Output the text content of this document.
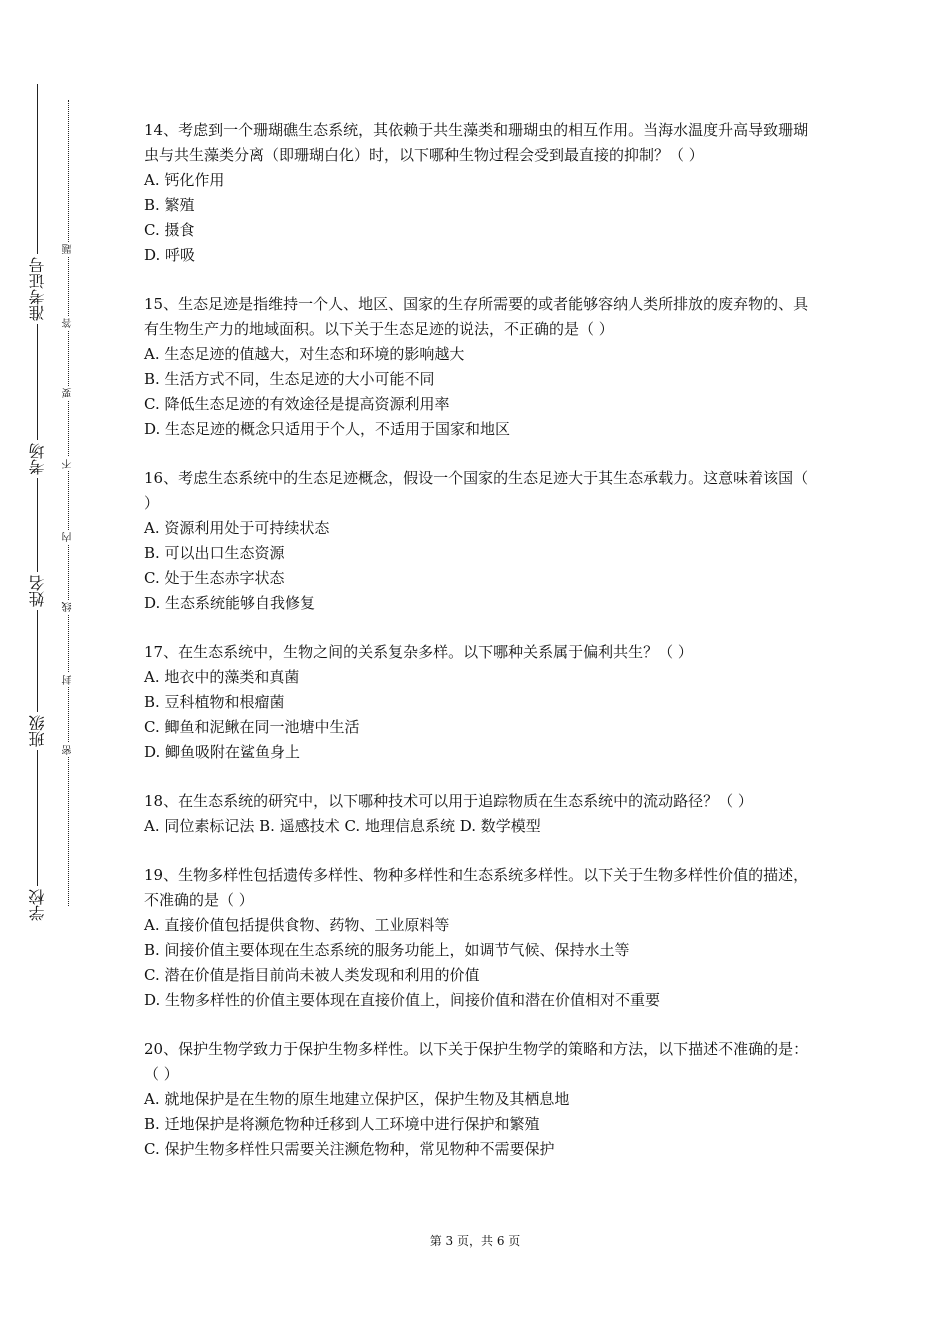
准考证号
考场
姓名
班级
学校
题
答
要
不
内
线
封
密
14、考虑到一个珊瑚礁生态系统，其依赖于共生藻类和珊瑚虫的相互作用。当海水温度升高导致珊瑚虫与共生藻类分离（即珊瑚白化）时，以下哪种生物过程会受到最直接的抑制？（ ）
A. 钙化作用
B. 繁殖
C. 摄食
D. 呼吸
15、生态足迹是指维持一个人、地区、国家的生存所需要的或者能够容纳人类所排放的废弃物的、具有生物生产力的地域面积。以下关于生态足迹的说法，不正确的是（ ）
A. 生态足迹的值越大，对生态和环境的影响越大
B. 生活方式不同，生态足迹的大小可能不同
C. 降低生态足迹的有效途径是提高资源利用率
D. 生态足迹的概念只适用于个人，不适用于国家和地区
16、考虑生态系统中的生态足迹概念，假设一个国家的生态足迹大于其生态承载力。这意味着该国（ ）
A. 资源利用处于可持续状态
B. 可以出口生态资源
C. 处于生态赤字状态
D. 生态系统能够自我修复
17、在生态系统中，生物之间的关系复杂多样。以下哪种关系属于偏利共生？（ ）
A. 地衣中的藻类和真菌
B. 豆科植物和根瘤菌
C. 鲫鱼和泥鳅在同一池塘中生活
D. 鲫鱼吸附在鲨鱼身上
18、在生态系统的研究中，以下哪种技术可以用于追踪物质在生态系统中的流动路径？（ ）
A. 同位素标记法 B. 遥感技术 C. 地理信息系统 D. 数学模型
19、生物多样性包括遗传多样性、物种多样性和生态系统多样性。以下关于生物多样性价值的描述，不准确的是（ ）
A. 直接价值包括提供食物、药物、工业原料等
B. 间接价值主要体现在生态系统的服务功能上，如调节气候、保持水土等
C. 潜在价值是指目前尚未被人类发现和利用的价值
D. 生物多样性的价值主要体现在直接价值上，间接价值和潜在价值相对不重要
20、保护生物学致力于保护生物多样性。以下关于保护生物学的策略和方法，以下描述不准确的是：（ ）
A. 就地保护是在生物的原生地建立保护区，保护生物及其栖息地
B. 迁地保护是将濒危物种迁移到人工环境中进行保护和繁殖
C. 保护生物多样性只需要关注濒危物种，常见物种不需要保护
第 3 页，共 6 页
